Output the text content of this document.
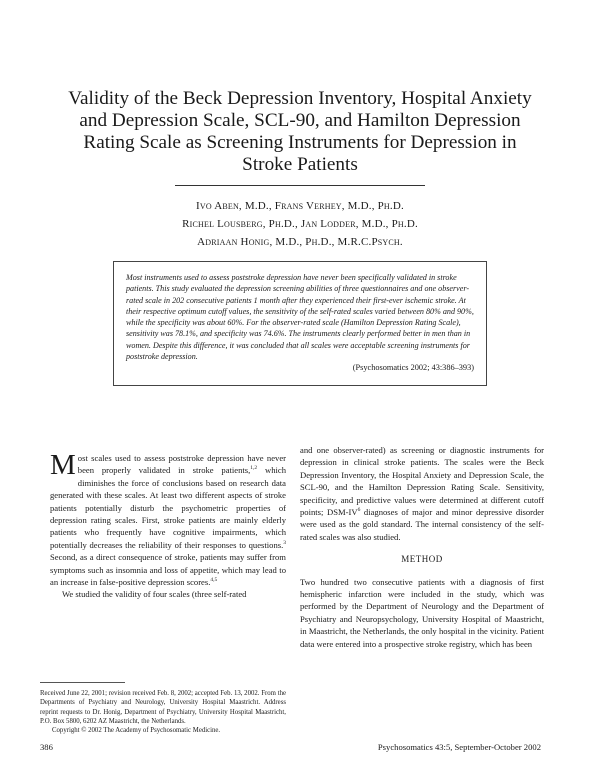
Validity of the Beck Depression Inventory, Hospital Anxiety
and Depression Scale, SCL-90, and Hamilton Depression
Rating Scale as Screening Instruments for Depression in
Stroke Patients
Ivo Aben, M.D., Frans Verhey, M.D., Ph.D.
Richel Lousberg, Ph.D., Jan Lodder, M.D., Ph.D.
Adriaan Honig, M.D., Ph.D., M.R.C.Psych.

Most instruments used to assess poststroke depression have never been specifically validated in stroke patients. This study evaluated the depression screening abilities of three questionnaires and one observer-rated scale in 202 consecutive patients 1 month after they experienced their first-ever ischemic stroke. At their respective optimum cutoff values, the sensitivity of the self-rated scales varied between 80% and 90%, while the specificity was about 60%. For the observer-rated scale (Hamilton Depression Rating Scale), sensitivity was 78.1%, and specificity was 74.6%. The instruments clearly performed better in men than in women. Despite this difference, it was concluded that all scales were acceptable screening instruments for poststroke depression.

(Psychosomatics 2002; 43:386–393)

Most scales used to assess poststroke depression have never been properly validated in stroke patients,$^{1,2}$ which diminishes the force of conclusions based on research data generated with these scales. At least two different aspects of stroke patients potentially disturb the psychometric properties of depression rating scales. First, stroke patients are mainly elderly patients who frequently have cognitive impairments, which potentially decreases the reliability of their responses to questions.$^3$ Second, as a direct consequence of stroke, patients may suffer from symptoms such as insomnia and loss of appetite, which may lead to an increase in false-positive depression scores.$^{4,5}$

We studied the validity of four scales (three self-rated

and one observer-rated) as screening or diagnostic instruments for depression in clinical stroke patients. The scales were the Beck Depression Inventory, the Hospital Anxiety and Depression Scale, the SCL-90, and the Hamilton Depression Rating Scale. Sensitivity, specificity, and predictive values were determined at different cutoff points; DSM-$IV^6$ diagnoses of major and minor depressive disorder were used as the gold standard. The internal consistency of the self-rated scales was also studied.

METHOD

Two hundred two consecutive patients with a diagnosis of first hemispheric infarction were included in the study, which was performed by the Department of Neurology and the Department of Psychiatry and Neuropsychology, University Hospital of Maastricht, in Maastricht, the Netherlands, the only hospital in the vicinity. Patient data were entered into a prospective stroke registry, which has been

Received June 22, 2001; revision received Feb. 8, 2002; accepted Feb. 13, 2002. From the Departments of Psychiatry and Neurology, University Hospital Maastricht. Address reprint requests to Dr. Honig, Department of Psychiatry, University Hospital Maastricht, P.O. Box 5800, 6202 AZ Maastricht, the Netherlands.

Copyright © 2002 The Academy of Psychosomatic Medicine.

386	Psychosomatics 43:5, September-October 2002
